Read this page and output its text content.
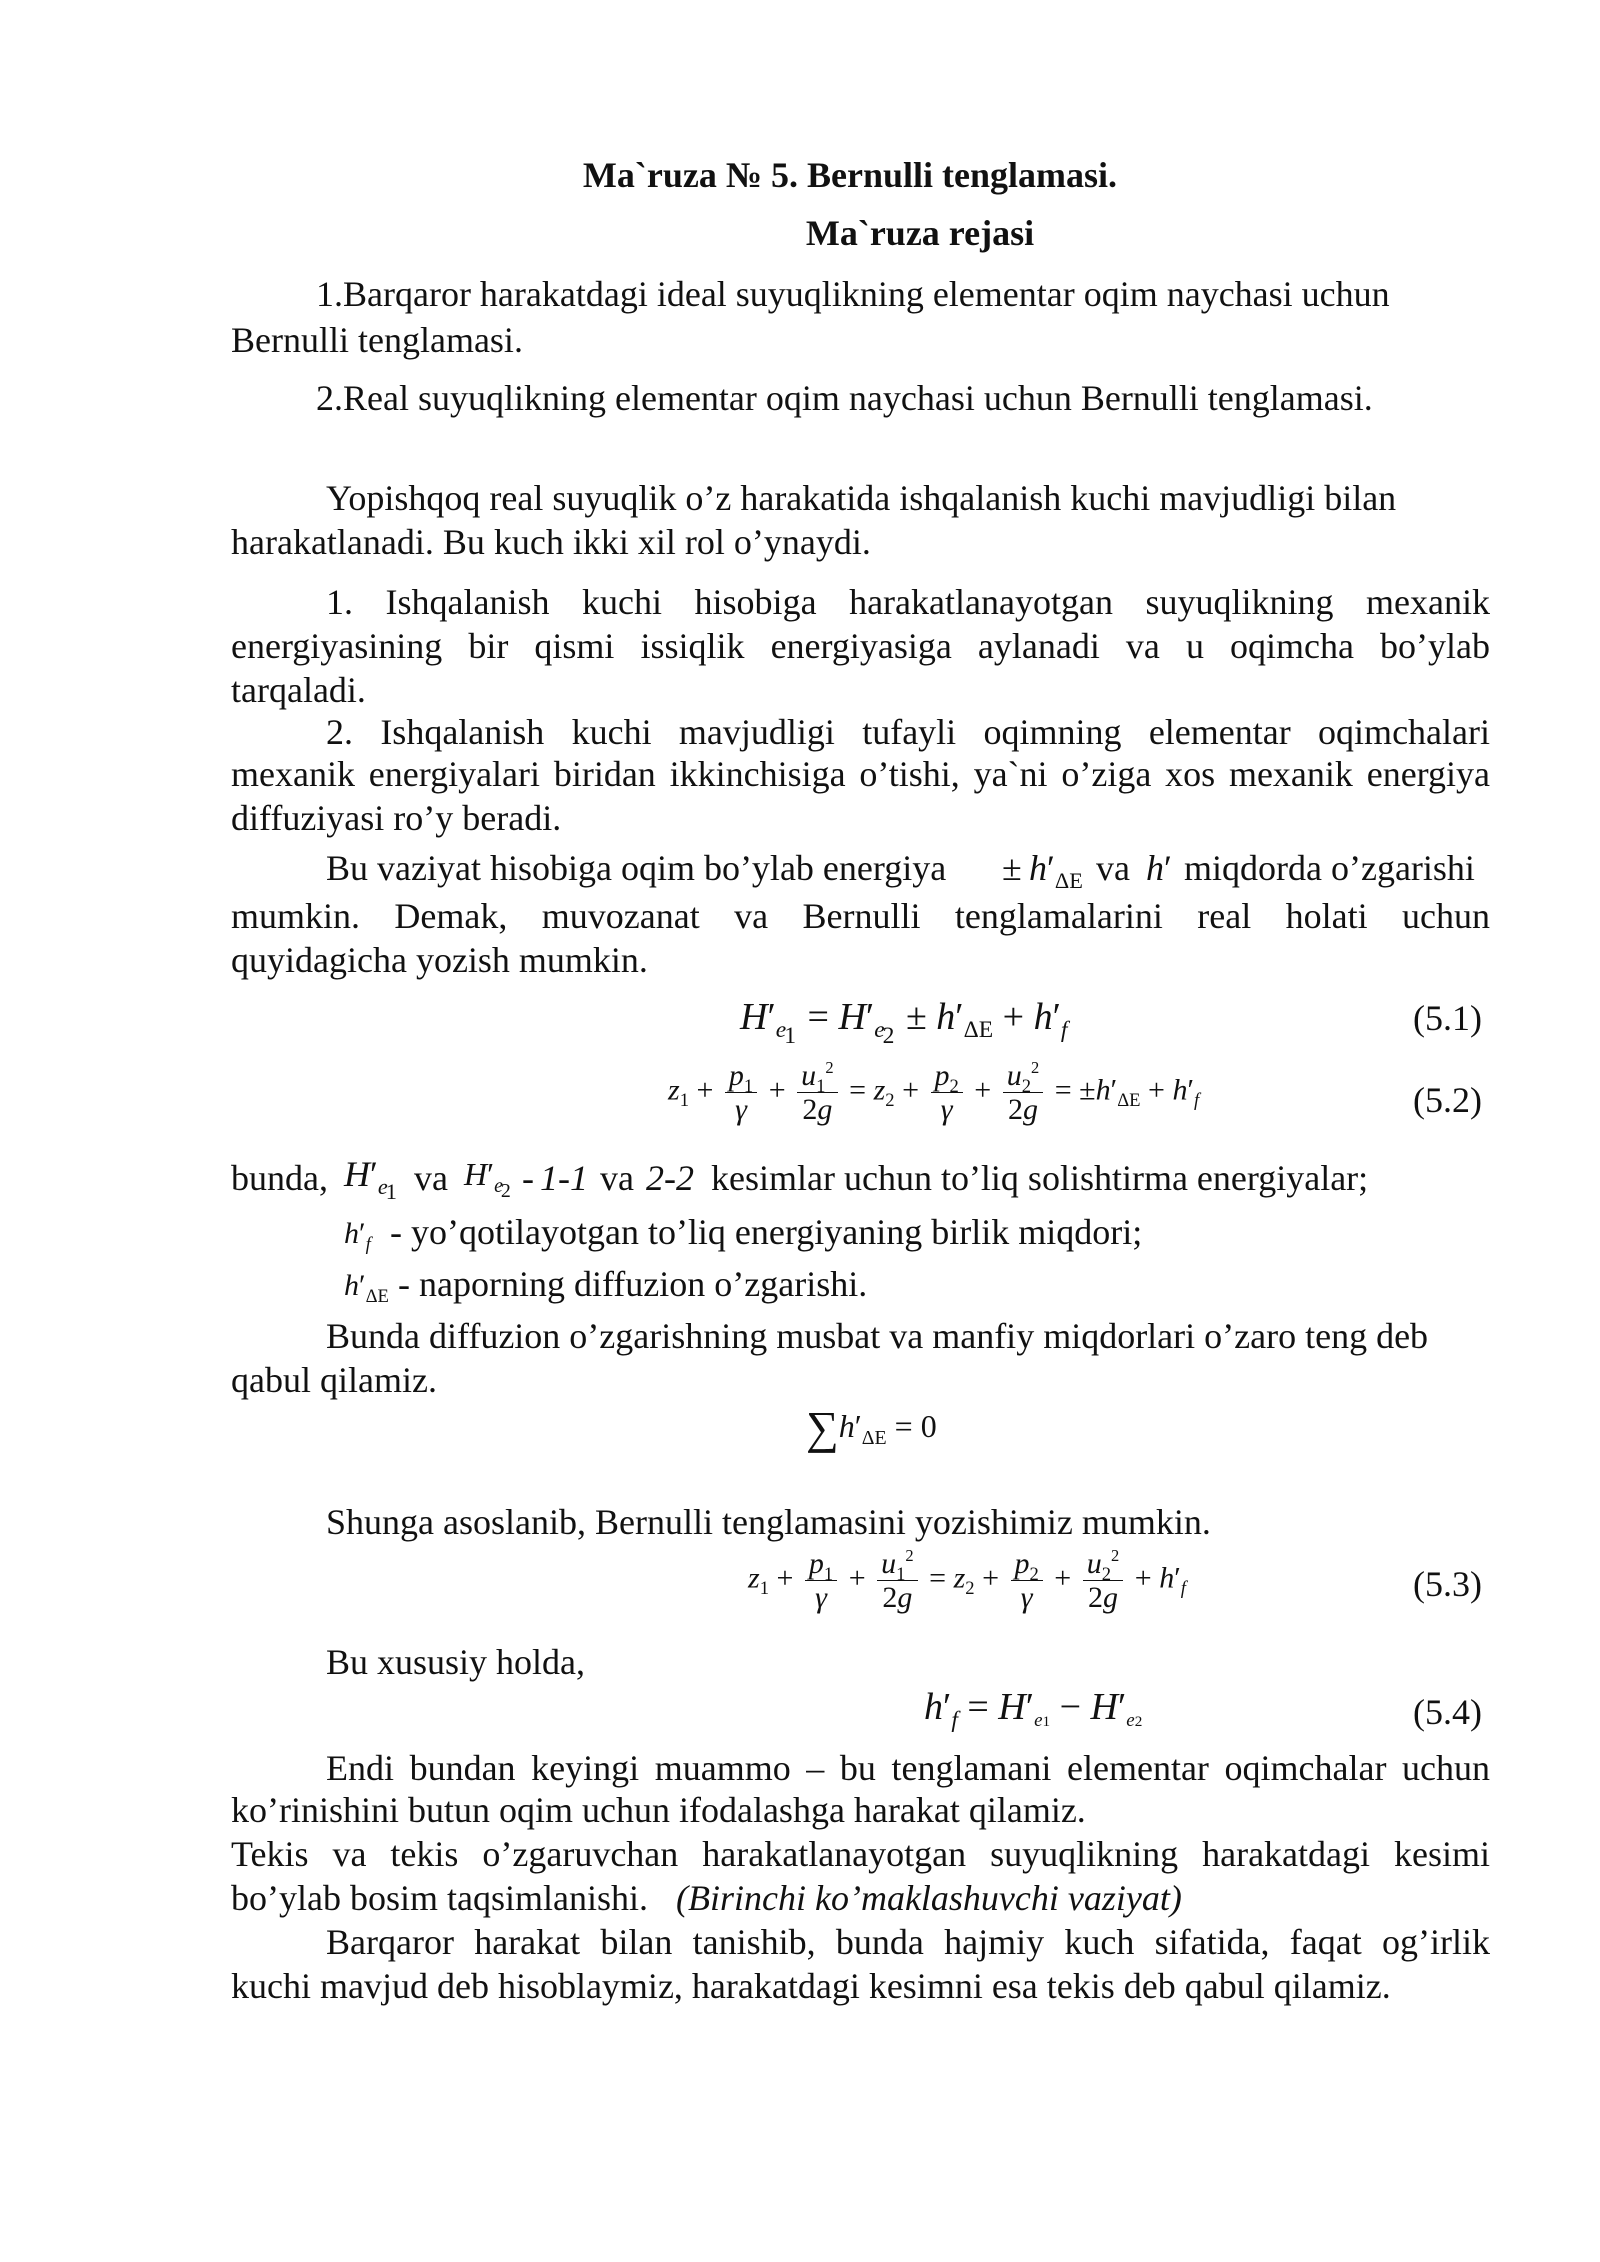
Ma`ruza № 5. Bernulli tenglamasi.
Ma`ruza rejasi
1.Barqaror harakatdagi ideal suyuqlikning elementar oqim naychasi uchun
Bernulli tenglamasi.
2.Real suyuqlikning elementar oqim naychasi uchun Bernulli tenglamasi.
Yopishqoq real suyuqlik o’z harakatida ishqalanish kuchi mavjudligi bilan
harakatlanadi. Bu kuch ikki xil rol o’ynaydi.
1. Ishqalanish kuchi hisobiga harakatlanayotgan suyuqlikning mexanik
energiyasining bir qismi issiqlik energiyasiga aylanadi va u oqimcha bo’ylab
tarqaladi.
2. Ishqalanish kuchi mavjudligi tufayli oqimning elementar oqimchalari
mexanik energiyalari biridan ikkinchisiga o’tishi, ya`ni o’ziga xos mexanik energiya
diffuziyasi ro’y beradi.
Bu vaziyat hisobiga oqim bo’ylab energiya ± $h'_{\Delta E}$ va h′ miqdorda o’zgarishi
mumkin. Demak, muvozanat va Bernulli tenglamalarini real holati uchun
quyidagicha yozish mumkin.
$H'_{e1} = H'_{e2} \pm h'_{\Delta E} + h'_f$	(5.1)
$z_1 + \frac{p_1}{\gamma} + \frac{u_1^2}{2g} = z_2 + \frac{p_2}{\gamma} + \frac{u_2^2}{2g} = \pm h'_{\Delta E} + h'_f$	(5.2)
bunda, $H'_{e1}$ va $H'_{e2} - 1-1$ va 2-2 kesimlar uchun to’liq solishtirma energiyalar;
$h'_f$ - yo’qotilayotgan to’liq energiyaning birlik miqdori;
$h'_{\Delta E}$ - naporning diffuzion o’zgarishi.
Bunda diffuzion o’zgarishning musbat va manfiy miqdorlari o’zaro teng deb
qabul qilamiz.
$\sum h'_{\Delta E} = 0$
Shunga asoslanib, Bernulli tenglamasini yozishimiz mumkin.
$z_1 + \frac{p_1}{\gamma} + \frac{u_1^2}{2g} = z_2 + \frac{p_2}{\gamma} + \frac{u_2^2}{2g} + h'_f$	(5.3)
Bu xususiy holda,
$h'_f = H'e1 - H'e2$	(5.4)
Endi bundan keyingi muammo – bu tenglamani elementar oqimchalar uchun
ko’rinishini butun oqim uchun ifodalashga harakat qilamiz.
Tekis va tekis o’zgaruvchan harakatlanayotgan suyuqlikning harakatdagi kesimi
bo’ylab bosim taqsimlanishi. (Birinchi ko’maklashuvchi vaziyat)
Barqaror harakat bilan tanishib, bunda hajmiy kuch sifatida, faqat og’irlik
kuchi mavjud deb hisoblaymiz, harakatdagi kesimni esa tekis deb qabul qilamiz.
